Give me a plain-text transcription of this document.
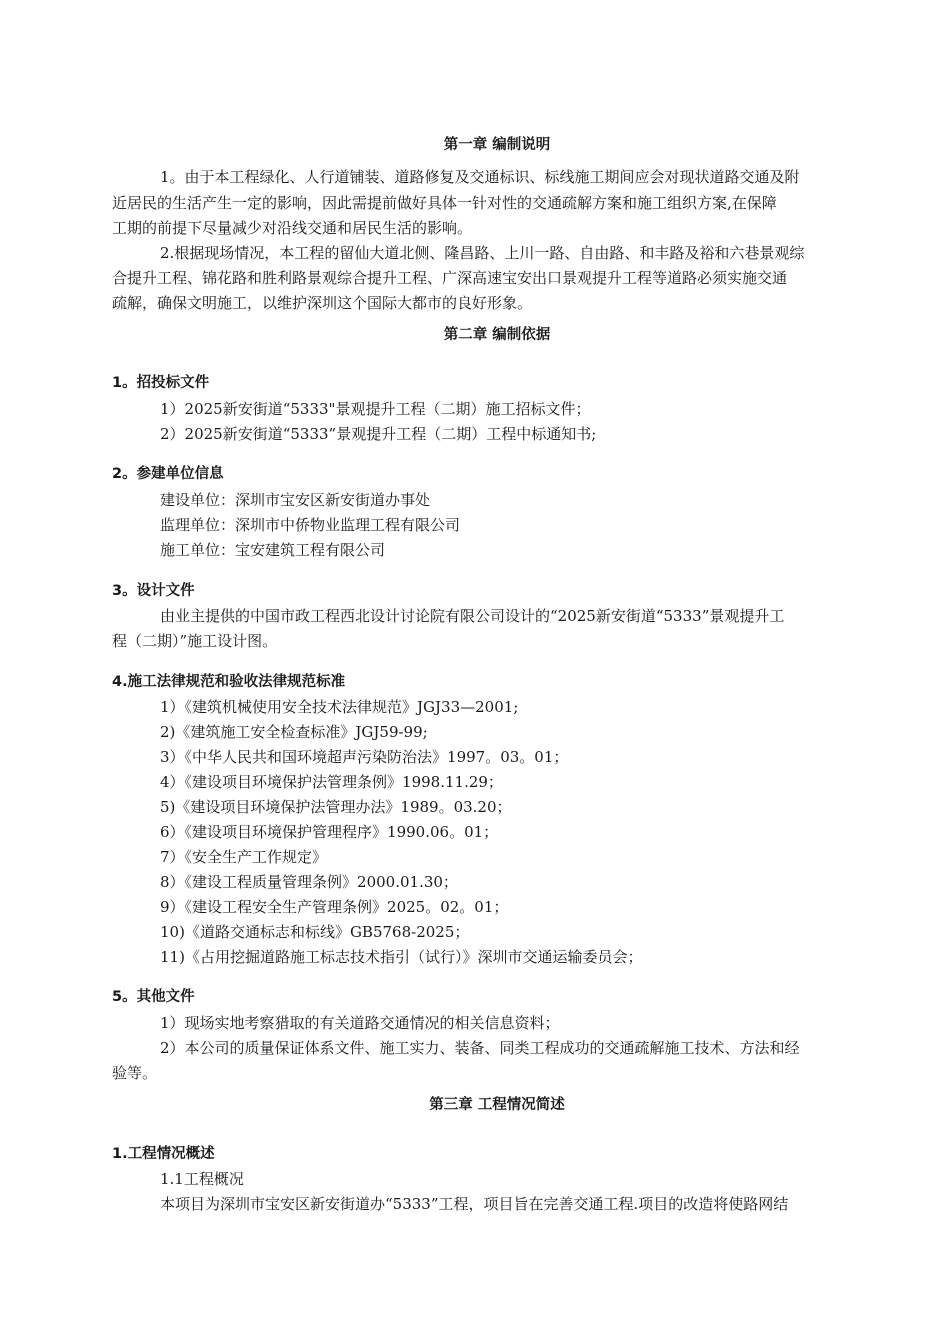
第一章 编制说明
1。由于本工程绿化、人行道铺装、道路修复及交通标识、标线施工期间应会对现状道路交通及附
近居民的生活产生一定的影响，因此需提前做好具体一针对性的交通疏解方案和施工组织方案,在保障
工期的前提下尽量减少对沿线交通和居民生活的影响。
2.根据现场情况，本工程的留仙大道北侧、隆昌路、上川一路、自由路、和丰路及裕和六巷景观综
合提升工程、锦花路和胜利路景观综合提升工程、广深高速宝安出口景观提升工程等道路必须实施交通
疏解，确保文明施工，以维护深圳这个国际大都市的良好形象。
第二章 编制依据
1。招投标文件
1）2025新安街道“5333"景观提升工程（二期）施工招标文件；
2）2025新安街道“5333”景观提升工程（二期）工程中标通知书;
2。参建单位信息
建设单位：深圳市宝安区新安街道办事处
监理单位：深圳市中侨物业监理工程有限公司
施工单位：宝安建筑工程有限公司
3。设计文件
由业主提供的中国市政工程西北设计讨论院有限公司设计的“2025新安街道“5333”景观提升工
程（二期）”施工设计图。
4.施工法律规范和验收法律规范标准
1）《建筑机械使用安全技术法律规范》JGJ33—2001;
2)《建筑施工安全检查标准》JGJ59-99;
3）《中华人民共和国环境超声污染防治法》1997。03。01；
4）《建设项目环境保护法管理条例》1998.11.29；
5)《建设项目环境保护法管理办法》1989。03.20；
6）《建设项目环境保护管理程序》1990.06。01；
7）《安全生产工作规定》
8）《建设工程质量管理条例》2000.01.30；
9）《建设工程安全生产管理条例》2025。02。01；
10)《道路交通标志和标线》GB5768-2025；
11)《占用挖掘道路施工标志技术指引（试行）》深圳市交通运输委员会；
5。其他文件
1）现场实地考察猎取的有关道路交通情况的相关信息资料；
2）本公司的质量保证体系文件、施工实力、装备、同类工程成功的交通疏解施工技术、方法和经
验等。
第三章 工程情况简述
1.工程情况概述
1.1工程概况
本项目为深圳市宝安区新安街道办“5333”工程，项目旨在完善交通工程.项目的改造将使路网结
